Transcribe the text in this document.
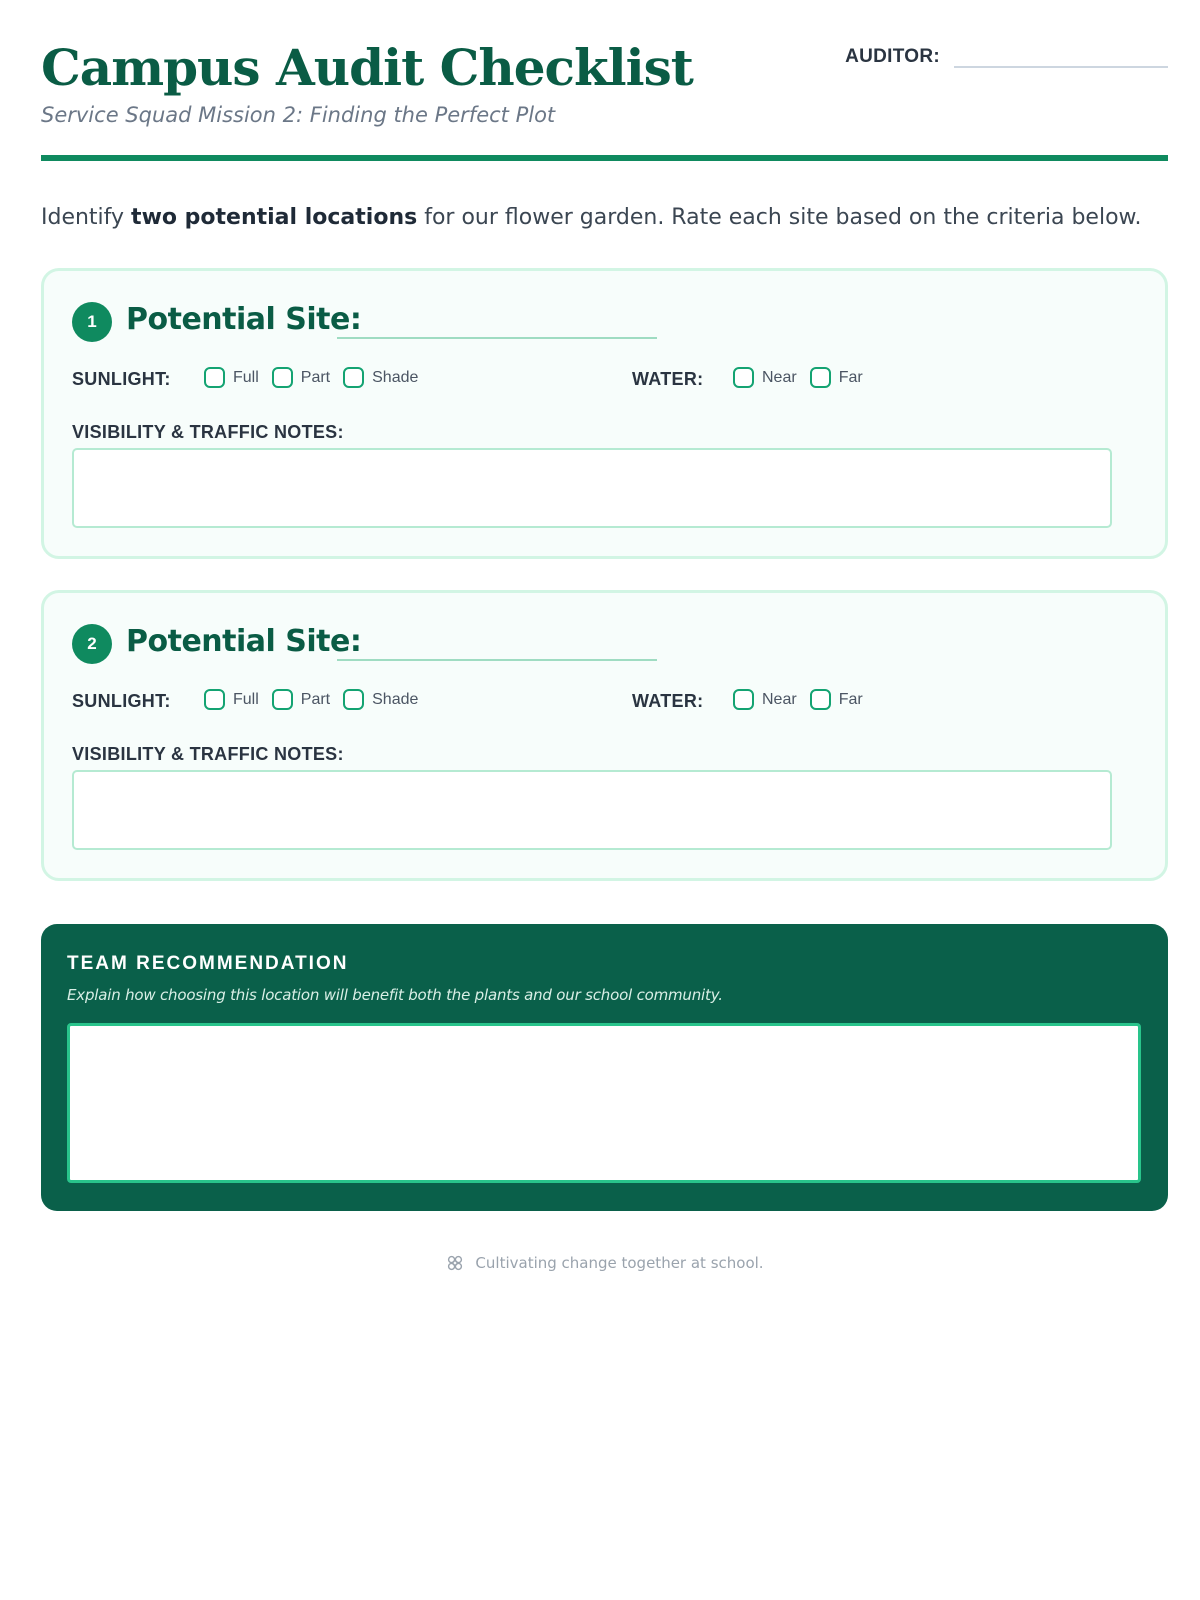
Campus Audit Checklist
Service Squad Mission 2: Finding the Perfect Plot
AUDITOR:
Identify two potential locations for our flower garden. Rate each site based on the criteria below.
1 Potential Site:
SUNLIGHT:	Full	Part	Shade	WATER:	Near	Far
VISIBILITY & TRAFFIC NOTES:
2 Potential Site:
SUNLIGHT:	Full	Part	Shade	WATER:	Near	Far
VISIBILITY & TRAFFIC NOTES:
TEAM RECOMMENDATION
Explain how choosing this location will benefit both the plants and our school community.
Cultivating change together at school.
